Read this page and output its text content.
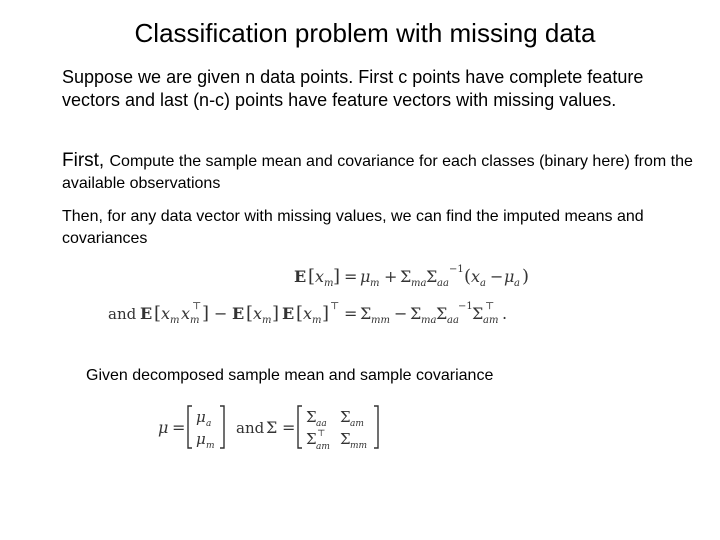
Classification problem with missing data
Suppose we are given n data points. First c points have complete feature vectors and last (n-c) points have feature vectors with missing values.
First, Compute the sample mean and covariance for each classes (binary here) from the available observations
Then, for any data vector with missing values, we can find the imputed means and covariances
E [ x m ] = μ m + Σ ma Σ aa
−1 ( x a − μ a )
and E [ x m x m
⊤ ] − E [ x m ] E [ x m ] ⊤ = Σ mm − Σ ma Σ aa
−1 Σ am
⊤ .
Given decomposed sample mean and sample covariance
μ =
μ a
μ m
and Σ =
Σ aa Σ am
Σ ⊤
am Σ mm
